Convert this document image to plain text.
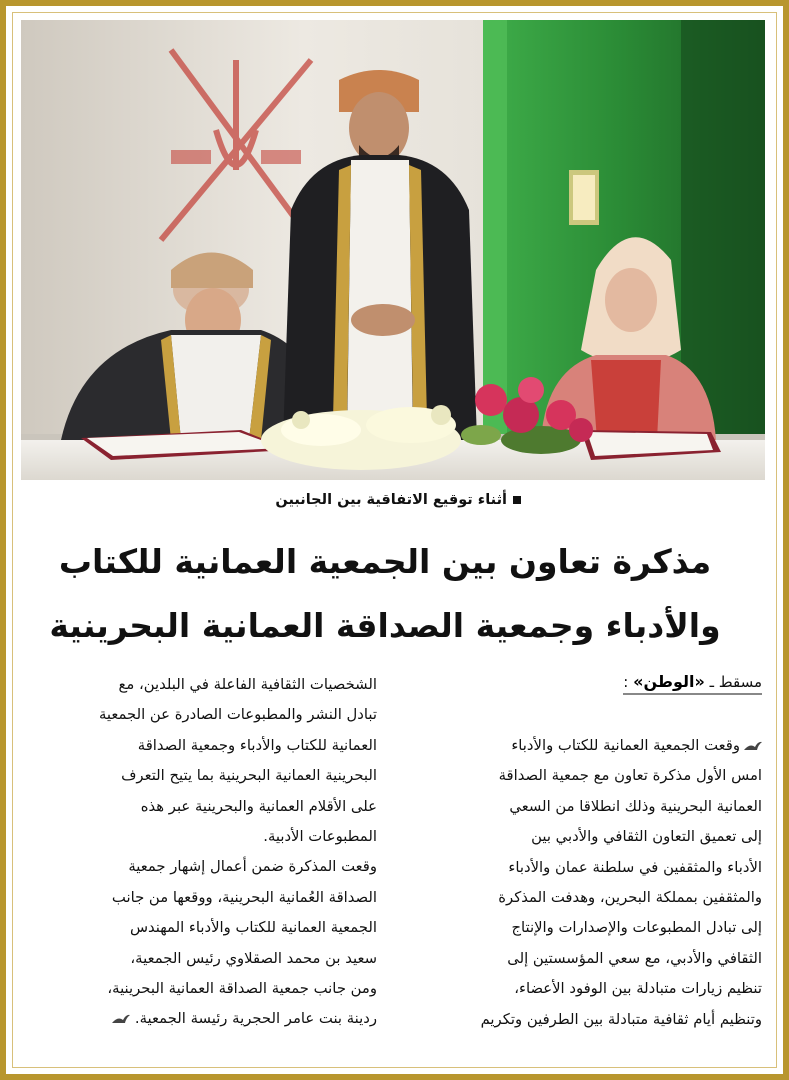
أثناء توقيع الاتفاقية بين الجانبين
مذكرة تعاون بين الجمعية العمانية للكتاب
والأدباء وجمعية الصداقة العمانية البحرينية
مسقط ـ «الوطن» :

وقعت الجمعية العمانية للكتاب والأدباء

امس الأول مذكرة تعاون مع جمعية الصداقة

العمانية البحرينية وذلك انطلاقا من السعي

إلى تعميق التعاون الثقافي والأدبي بين

الأدباء والمثقفين في سلطنة عمان والأدباء

والمثقفين بمملكة البحرين، وهدفت المذكرة

إلى تبادل المطبوعات والإصدارات والإنتاج

الثقافي والأدبي، مع سعي المؤسستين إلى

تنظيم زيارات متبادلة بين الوفود الأعضاء،

وتنظيم أيام ثقافية متبادلة بين الطرفين وتكريم

الشخصيات الثقافية الفاعلة في البلدين، مع

تبادل النشر والمطبوعات الصادرة عن الجمعية

العمانية للكتاب والأدباء وجمعية الصداقة

البحرينية العمانية البحرينية بما يتيح التعرف

على الأقلام العمانية والبحرينية عبر هذه

المطبوعات الأدبية.

وقعت المذكرة ضمن أعمال إشهار جمعية

الصداقة العُمانية البحرينية، ووقعها من جانب

الجمعية العمانية للكتاب والأدباء المهندس

سعيد بن محمد الصقلاوي رئيس الجمعية،

ومن جانب جمعية الصداقة العمانية البحرينية،

ردينة بنت عامر الحجرية رئيسة الجمعية.
